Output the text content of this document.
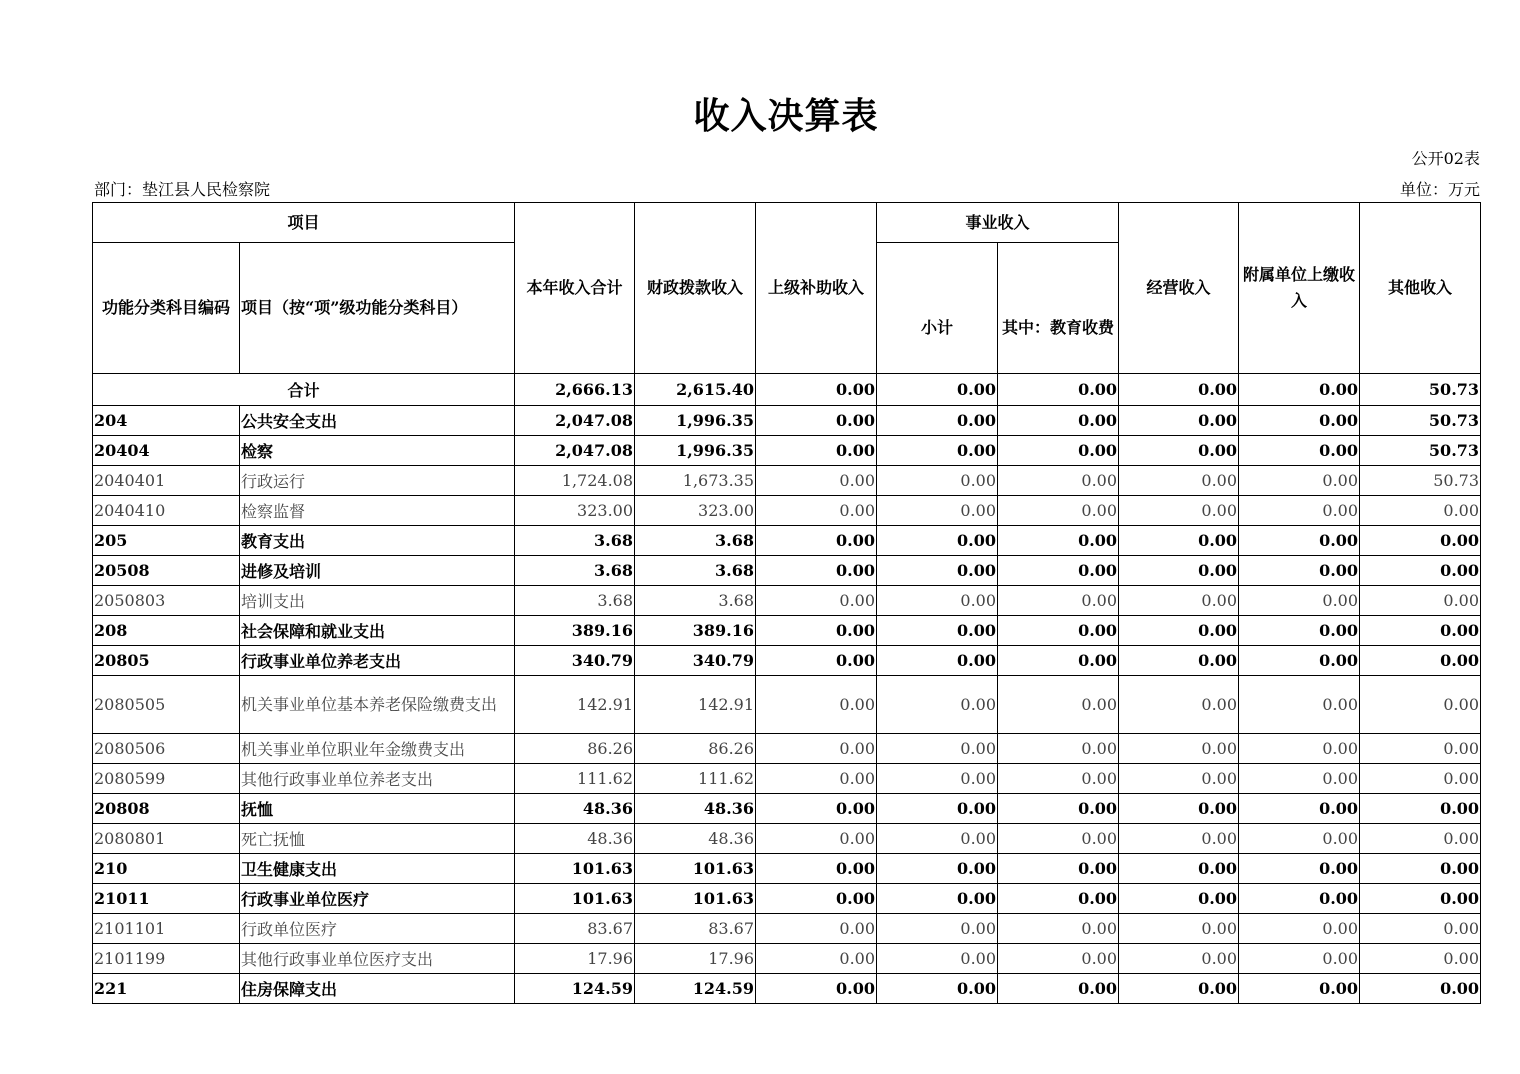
收入决算表
公开02表
部门：垫江县人民检察院	单位：万元
项目		本年收入合计	财政拨款收入	上级补助收入	事业收入		经营收入	附属单位上缴收入	其他收入
功能分类科目编码	项目（按“项”级功能分类科目）				小计	其中：教育收费			
合计		2,666.13	2,615.40	0.00	0.00	0.00	0.00	0.00	50.73
204	公共安全支出	2,047.08	1,996.35	0.00	0.00	0.00	0.00	0.00	50.73
20404	检察	2,047.08	1,996.35	0.00	0.00	0.00	0.00	0.00	50.73
2040401	行政运行	1,724.08	1,673.35	0.00	0.00	0.00	0.00	0.00	50.73
2040410	检察监督	323.00	323.00	0.00	0.00	0.00	0.00	0.00	0.00
205	教育支出	3.68	3.68	0.00	0.00	0.00	0.00	0.00	0.00
20508	进修及培训	3.68	3.68	0.00	0.00	0.00	0.00	0.00	0.00
2050803	培训支出	3.68	3.68	0.00	0.00	0.00	0.00	0.00	0.00
208	社会保障和就业支出	389.16	389.16	0.00	0.00	0.00	0.00	0.00	0.00
20805	行政事业单位养老支出	340.79	340.79	0.00	0.00	0.00	0.00	0.00	0.00
2080505	机关事业单位基本养老保险缴费支出	142.91	142.91	0.00	0.00	0.00	0.00	0.00	0.00
2080506	机关事业单位职业年金缴费支出	86.26	86.26	0.00	0.00	0.00	0.00	0.00	0.00
2080599	其他行政事业单位养老支出	111.62	111.62	0.00	0.00	0.00	0.00	0.00	0.00
20808	抚恤	48.36	48.36	0.00	0.00	0.00	0.00	0.00	0.00
2080801	死亡抚恤	48.36	48.36	0.00	0.00	0.00	0.00	0.00	0.00
210	卫生健康支出	101.63	101.63	0.00	0.00	0.00	0.00	0.00	0.00
21011	行政事业单位医疗	101.63	101.63	0.00	0.00	0.00	0.00	0.00	0.00
2101101	行政单位医疗	83.67	83.67	0.00	0.00	0.00	0.00	0.00	0.00
2101199	其他行政事业单位医疗支出	17.96	17.96	0.00	0.00	0.00	0.00	0.00	0.00
221	住房保障支出	124.59	124.59	0.00	0.00	0.00	0.00	0.00	0.00
